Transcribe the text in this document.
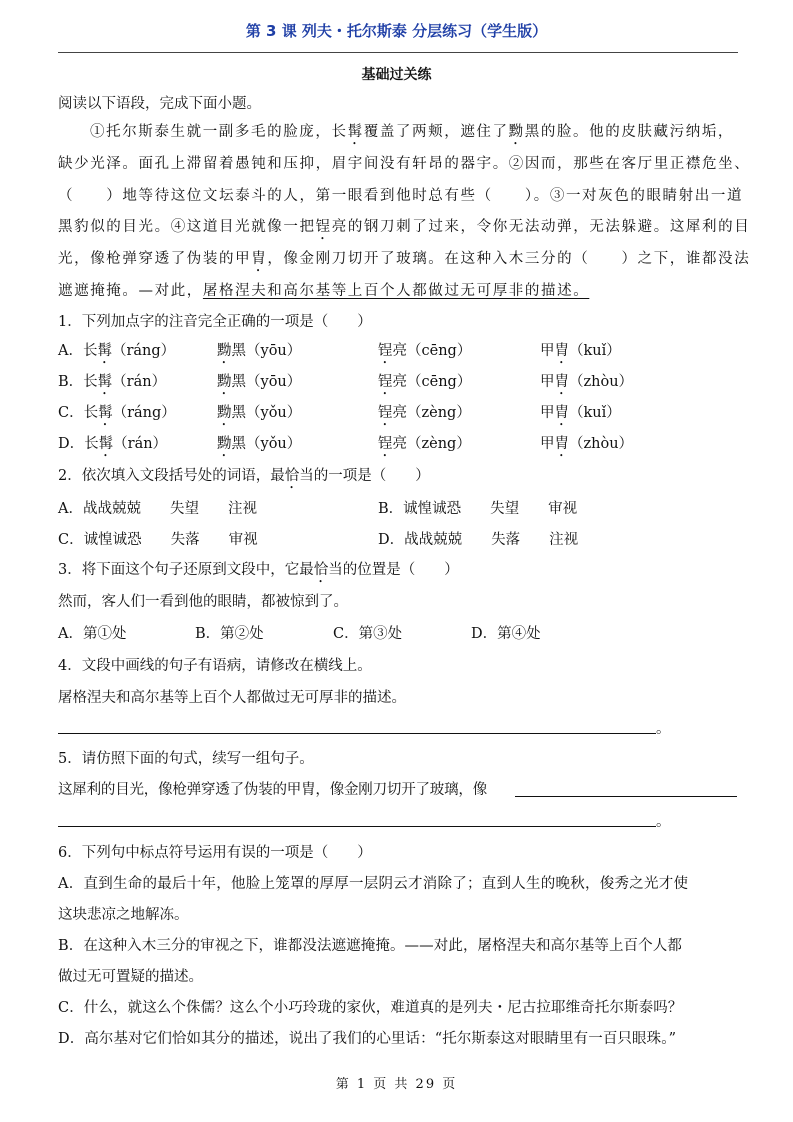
第 3 课 列夫・托尔斯泰 分层练习（学生版）
基础过关练
阅读以下语段，完成下面小题。
①托尔斯泰生就一副多毛的脸庞，长髯覆盖了两颊，遮住了黝黑的脸。他的皮肤藏污纳垢，
缺少光泽。面孔上滞留着愚钝和压抑，眉宇间没有轩昂的器宇。②因而，那些在客厅里正襟危坐、
（　　）地等待这位文坛泰斗的人，第一眼看到他时总有些（　　）。③一对灰色的眼睛射出一道
黑豹似的目光。④这道目光就像一把锃亮的钢刀刺了过来，令你无法动弹，无法躲避。这犀利的目
光，像枪弹穿透了伪装的甲胄，像金刚刀切开了玻璃。在这种入木三分的（　　）之下，谁都没法
遮遮掩掩。—对此，屠格涅夫和高尔基等上百个人都做过无可厚非的描述。
1．下列加点字的注音完全正确的一项是（　　）
A．长髯（ráng）	黝黑（yōu）	锃亮（cēng）	甲胄（kuǐ）
B．长髯（rán）	黝黑（yōu）	锃亮（cēng）	甲胄（zhòu）
C．长髯（ráng）	黝黑（yǒu）	锃亮（zèng）	甲胄（kuǐ）
D．长髯（rán）	黝黑（yǒu）	锃亮（zèng）	甲胄（zhòu）
2．依次填入文段括号处的词语，最恰当的一项是（　　）
A．战战兢兢　　失望　　注视	B．诚惶诚恐　　失望　　审视
C．诚惶诚恐　　失落　　审视	D．战战兢兢　　失落　　注视
3．将下面这个句子还原到文段中，它最恰当的位置是（　　）
然而，客人们一看到他的眼睛，都被惊到了。
A．第①处	B．第②处	C．第③处	D．第④处
4．文段中画线的句子有语病，请修改在横线上。
屠格涅夫和高尔基等上百个人都做过无可厚非的描述。
。
5．请仿照下面的句式，续写一组句子。
这犀利的目光，像枪弹穿透了伪装的甲胄，像金刚刀切开了玻璃，像
。
6．下列句中标点符号运用有误的一项是（　　）
A．直到生命的最后十年，他脸上笼罩的厚厚一层阴云才消除了；直到人生的晚秋，俊秀之光才使
这块悲凉之地解冻。
B．在这种入木三分的审视之下，谁都没法遮遮掩掩。——对此，屠格涅夫和高尔基等上百个人都
做过无可置疑的描述。
C．什么，就这么个侏儒？这么个小巧玲珑的家伙，难道真的是列夫・尼古拉耶维奇托尔斯泰吗？
D．高尔基对它们恰如其分的描述，说出了我们的心里话：“托尔斯泰这对眼睛里有一百只眼珠。”
第 1 页 共 29 页
